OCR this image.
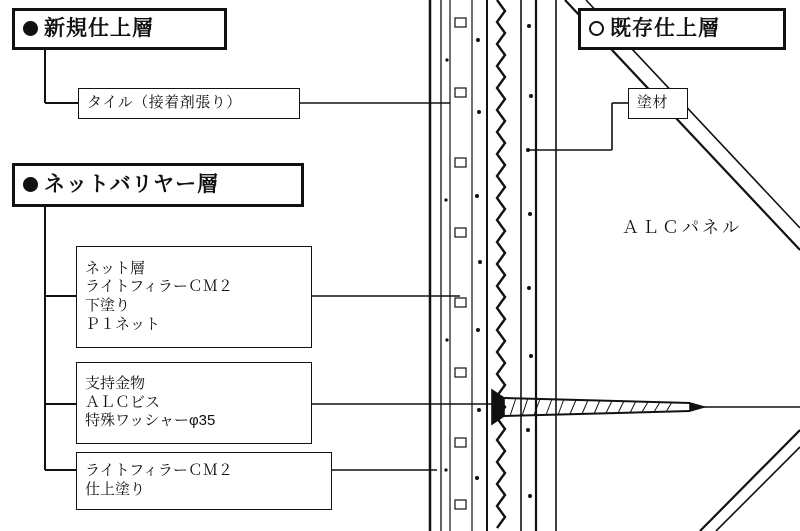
新規仕上層
タイル（接着剤張り）
ネットバリヤー層
ネット層
ライトフィラーＣＭ２
下塗り
Ｐ１ネット
支持金物
ＡＬＣビス
特殊ワッシャーφ35
ライトフィラーＣＭ２
仕上塗り
既存仕上層
塗材
ＡＬＣパネル
